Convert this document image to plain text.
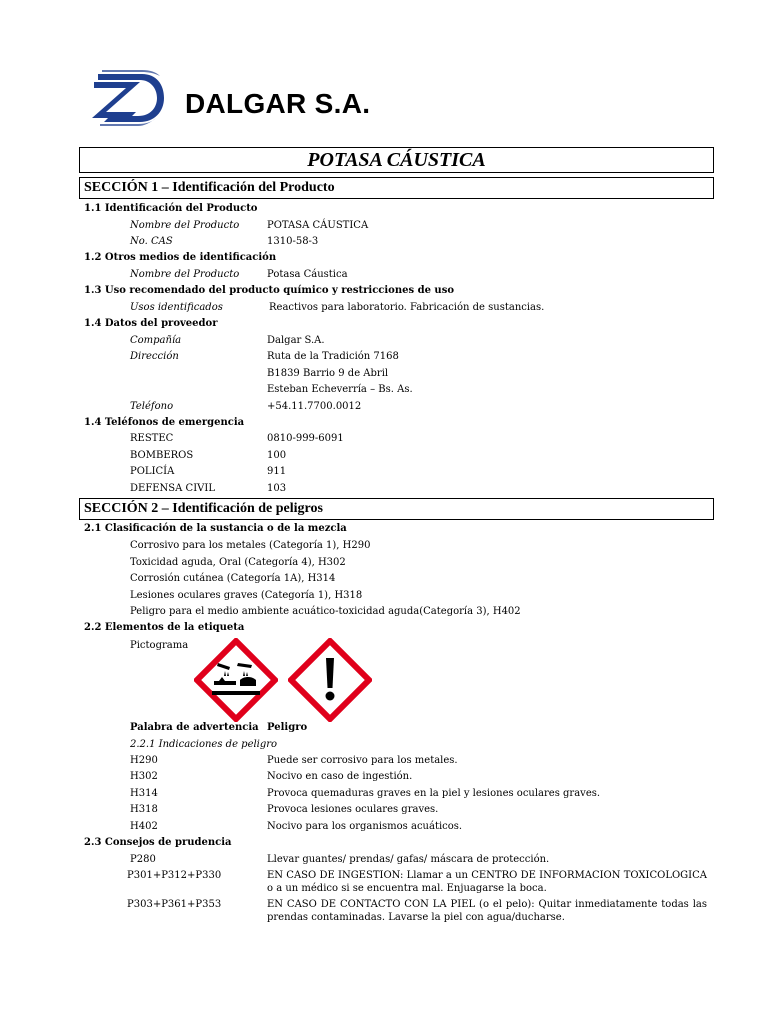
DALGAR S.A.
POTASA CÁUSTICA
SECCIÓN 1 – Identificación del Producto
1.1 Identificación del Producto
Nombre del Producto	POTASA CÁUSTICA
No. CAS	1310-58-3
1.2 Otros medios de identificación
Nombre del Producto	Potasa Cáustica
1.3 Uso recomendado del producto químico y restricciones de uso
Usos identificados	Reactivos para laboratorio. Fabricación de sustancias.
1.4 Datos del proveedor
Compañía	Dalgar S.A.
Dirección	Ruta de la Tradición 7168
B1839 Barrio 9 de Abril
Esteban Echeverría – Bs. As.
Teléfono	+54.11.7700.0012
1.4 Teléfonos de emergencia
RESTEC	0810-999-6091
BOMBEROS	100
POLICÍA	911
DEFENSA CIVIL	103
SECCIÓN 2 – Identificación de peligros
2.1 Clasificación de la sustancia o de la mezcla
Corrosivo para los metales (Categoría 1), H290
Toxicidad aguda, Oral (Categoría 4), H302
Corrosión cutánea (Categoría 1A), H314
Lesiones oculares graves (Categoría 1), H318
Peligro para el medio ambiente acuático-toxicidad aguda(Categoría 3), H402
2.2 Elementos de la etiqueta
Pictograma
Palabra de advertencia Peligro
2.2.1 Indicaciones de peligro
H290	Puede ser corrosivo para los metales.
H302	Nocivo en caso de ingestión.
H314	Provoca quemaduras graves en la piel y lesiones oculares graves.
H318	Provoca lesiones oculares graves.
H402	Nocivo para los organismos acuáticos.
2.3 Consejos de prudencia
P280	Llevar guantes/ prendas/ gafas/ máscara de protección.
P301+P312+P330	EN CASO DE INGESTION: Llamar a un CENTRO DE INFORMACION TOXICOLOGICA o a un médico si se encuentra mal. Enjuagarse la boca.
P303+P361+P353	EN CASO DE CONTACTO CON LA PIEL (o el pelo): Quitar inmediatamente todas las prendas contaminadas. Lavarse la piel con agua/ducharse.
